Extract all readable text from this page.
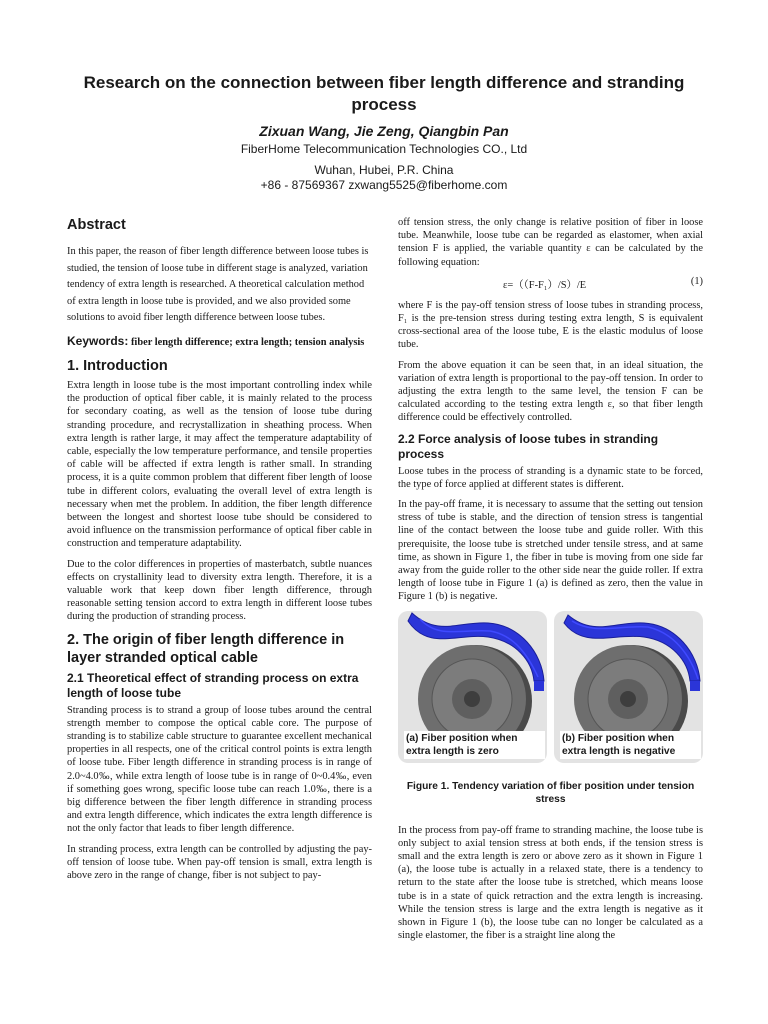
Research on the connection between fiber length difference and stranding process
Zixuan Wang, Jie Zeng, Qiangbin Pan
FiberHome Telecommunication Technologies CO., Ltd
Wuhan, Hubei, P.R. China
+86 - 87569367 zxwang5525@fiberhome.com
Abstract

In this paper, the reason of fiber length difference between loose tubes is studied, the tension of loose tube in different stage is analyzed, variation tendency of extra length is researched. A theoretical calculation method of extra length in loose tube is provided, and we also provided some solutions to avoid fiber length difference between loose tubes.

Keywords: fiber length difference; extra length; tension analysis

1. Introduction

Extra length in loose tube is the most important controlling index while the production of optical fiber cable, it is mainly related to the process for secondary coating, as well as the tension of loose tube during stranding procedure, and recrystallization in sheathing process. When extra length is rather large, it may affect the temperature adaptability of cable, especially the low temperature performance, and tensile properties of cable will be affected if extra length is rather small. In stranding process, it is a quite common problem that different fiber length of loose tube in different colors, evaluating the overall level of extra length is necessary when met the problem. In addition, the fiber length difference between the longest and shortest loose tube should be considered to avoid influence on the transmission performance of optical fiber cable in construction and temperature adaptability.

Due to the color differences in properties of masterbatch, subtle nuances effects on crystallinity lead to diversity extra length. Therefore, it is a valuable work that keep down fiber length difference, through reasonable setting tension accord to extra length in different loose tubes during the production of stranding process.

2. The origin of fiber length difference in layer stranded optical cable
2.1 Theoretical effect of stranding process on extra length of loose tube

Stranding process is to strand a group of loose tubes around the central strength member to compose the optical cable core. The purpose of stranding is to stabilize cable structure to guarantee excellent mechanical properties in all respects, one of the critical control points is extra length of loose tube. Fiber length difference in stranding process is in range of 2.0~4.0‰, while extra length of loose tube is in range of 0~0.4‰, even if something goes wrong, specific loose tube can reach 1.0‰, there is a big difference between the fiber length difference in stranding process and extra length difference, which indicates the extra length difference is not the only factor that leads to fiber length difference.

In stranding process, extra length can be controlled by adjusting the pay-off tension of loose tube. When pay-off tension is small, extra length is above zero in the range of change, fiber is not subject to pay-

off tension stress, the only change is relative position of fiber in loose tube. Meanwhile, loose tube can be regarded as elastomer, when axial tension F is applied, the variable quantity ε can be calculated by the following equation:

ε=（（F-F₁）/S）/E	(1)

where F is the pay-off tension stress of loose tubes in stranding process, F₁ is the pre-tension stress during testing extra length, S is equivalent cross-sectional area of the loose tube, E is the elastic modulus of loose tube.

From the above equation it can be seen that, in an ideal situation, the variation of extra length is proportional to the pay-off tension. In order to adjusting the extra length to the same level, the tension F can be calculated according to the testing extra length ε, so that fiber length difference could be effectively controlled.

2.2 Force analysis of loose tubes in stranding process

Loose tubes in the process of stranding is a dynamic state to be forced, the type of force applied at different states is different.

In the pay-off frame, it is necessary to assume that the setting out tension stress of tube is stable, and the direction of tension stress is tangential line of the contact between the loose tube and guide roller. With this prerequisite, the loose tube is stretched under tensile stress, and at same time, as shown in Figure 1, the fiber in tube is moving from one side far away from the guide roller to the other side near the guide roller. If extra length of loose tube in Figure 1 (a) is defined as zero, then the value in Figure 1 (b) is negative.

(a) Fiber position when extra length is zero
(b) Fiber position when extra length is negative
Figure 1. Tendency variation of fiber position under tension stress

In the process from pay-off frame to stranding machine, the loose tube is only subject to axial tension stress at both ends, if the tension stress is small and the extra length is zero or above zero as it shown in Figure 1 (a), the loose tube is actually in a relaxed state, there is a tendency to return to the state after the loose tube is stretched, which means loose tube is in a state of quick retraction and the extra length is increasing. While the tension stress is large and the extra length is negative as it shown in Figure 1 (b), the loose tube can no longer be calculated as a single elastomer, the fiber is a straight line along the
